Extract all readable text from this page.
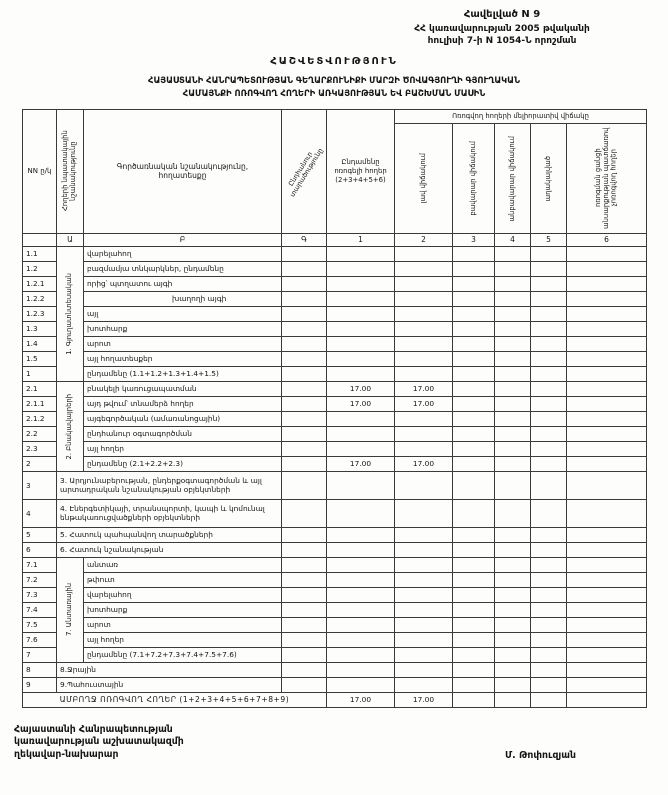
Հավելված N 9
ՀՀ կառավարության 2005 թվականի
հուլիսի 7-ի N 1054-Ն որոշման
ՀԱՇՎԵՏՎՈՒԹՅՈՒՆ
ՀԱՅԱՍՏԱՆԻ ՀԱՆՐԱՊԵՏՈՒԹՅԱՆ ԳԵՂԱՐՔՈՒՆԻՔԻ ՄԱՐԶԻ ԾՈՎԱԳՅՈՒՂԻ ԳՅՈՒՂԱԿԱՆ
ՀԱՄԱՅՆՔԻ ՈՌՈԳՎՈՂ ՀՈՂԵՐԻ ԱՌԿԱՅՈՒԹՅԱՆ ԵՎ ԲԱՇԽՄԱՆ ՄԱՍԻՆ
NN ը/կ	Հողերի նպատակային նշանակությունը	Գործառնական նշանակությունը, հողատեսքը	Ընդհանուր տարածությունը	Ընդամենը ոռոգելի հողեր (2+3+4+5+6)	Ոռոգվող հողերի մելիորատիվ վիճակը				

					լավ վիճակում	բավարար վիճակում	անբավարար վիճակում	աղակալված	ոռոգման ցանցի անսարքության պատճառով չոռոգվող հողեր

	Ա	Բ	Գ	1	2	3	4	5	6
1.1	1. Գյուղատնտեսական	վարելահող							
1.2		բազմամյա տնկարկներ, ընդամենը							
1.2.1		որից՝ պտղատու այգի							
1.2.2		խաղողի այգի							
1.2.3		այլ							
1.3		խոտհարք							
1.4		արոտ							
1.5		այլ հողատեսքեր							
1		ընդամենը (1.1+1.2+1.3+1.4+1.5)							
2.1	2. Բնակավայրերի	բնակելի կառուցապատման		17.00	17.00				
2.1.1		այդ թվում՝ տնամերձ հողեր		17.00	17.00				
2.1.2		այգեգործական (ամառանոցային)							
2.2		ընդհանուր օգտագործման							
2.3		այլ հողեր							
2		ընդամենը (2.1+2.2+2.3)		17.00	17.00				
3	3. Արդյունաբերության, ընդերքօգտագործման և այլ արտադրական նշանակության օբյեկտների								
4	4. Էներգետիկայի, տրանսպորտի, կապի և կոմունալ ենթակառուցվածքների օբյեկտների								
5	5. Հատուկ պահպանվող տարածքների								
6	6. Հատուկ նշանակության								
7.1	7. Անտառային	անտառ							
7.2		թփուտ							
7.3		վարելահող							
7.4		խոտհարք							
7.5		արոտ							
7.6		այլ հողեր							
7		ընդամենը (7.1+7.2+7.3+7.4+7.5+7.6)							
8	8.Ջրային								
9	9.Պահուստային								
ԱՄԲՈՂՋ ՈՌՈԳՎՈՂ ՀՈՂԵՐ (1+2+3+4+5+6+7+8+9)				17.00	17.00				
Հայաստանի Հանրապետության
կառավարության աշխատակազմի
ղեկավար-նախարար	Մ. Թոփուզյան
